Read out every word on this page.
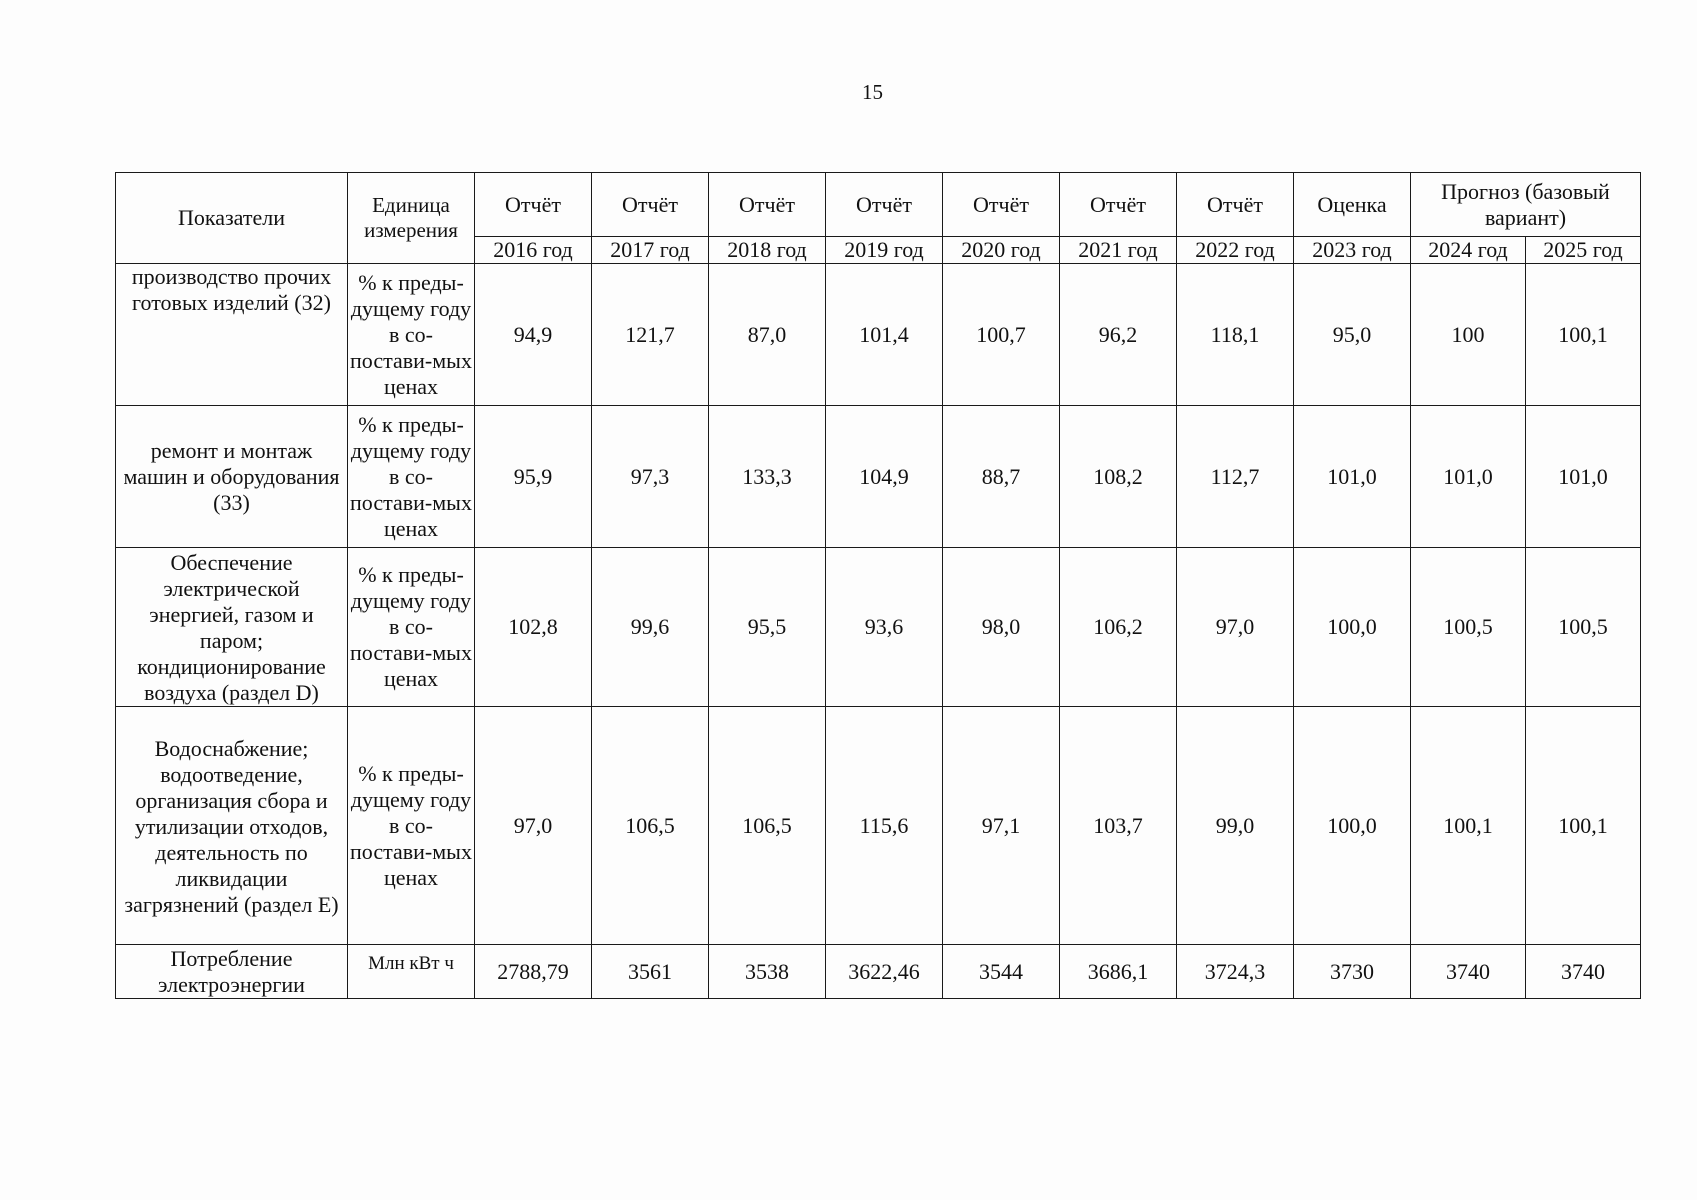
15
Показатели	Единица измерения	Отчёт	Отчёт	Отчёт	Отчёт	Отчёт	Отчёт	Отчёт	Оценка	Прогноз (базовый вариант)	
		2016 год	2017 год	2018 год	2019 год	2020 год	2021 год	2022 год	2023 год	2024 год	2025 год
производство прочих готовых изделий (32)	% к преды-дущему году в со-постави-мых ценах	94,9	121,7	87,0	101,4	100,7	96,2	118,1	95,0	100	100,1
ремонт и монтаж машин и оборудования (33)	% к преды-дущему году в со-постави-мых ценах	95,9	97,3	133,3	104,9	88,7	108,2	112,7	101,0	101,0	101,0
Обеспечение электрической энергией, газом и паром; кондиционирование воздуха (раздел D)	% к преды-дущему году в со-постави-мых ценах	102,8	99,6	95,5	93,6	98,0	106,2	97,0	100,0	100,5	100,5
Водоснабжение; водоотведение, организация сбора и утилизации отходов, деятельность по ликвидации загрязнений (раздел Е)	% к преды-дущему году в со-постави-мых ценах	97,0	106,5	106,5	115,6	97,1	103,7	99,0	100,0	100,1	100,1
Потребление электроэнергии	Млн кВт ч	2788,79	3561	3538	3622,46	3544	3686,1	3724,3	3730	3740	3740
